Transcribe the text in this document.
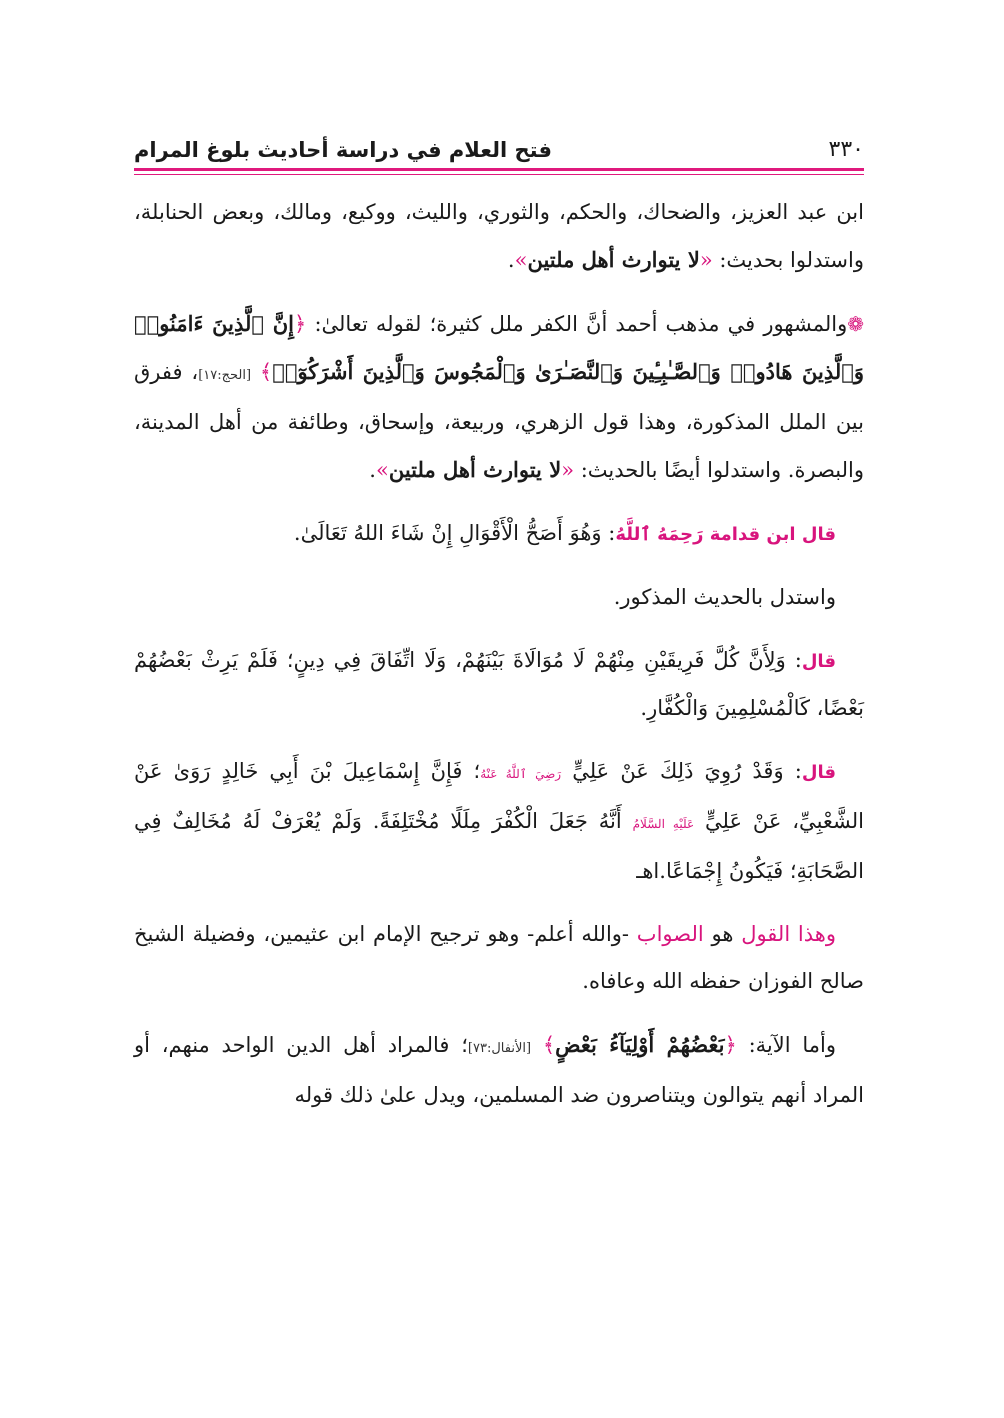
٣٣٠
فتح العلام في دراسة أحاديث بلوغ المرام

ابن عبد العزيز، والضحاك، والحكم، والثوري، والليث، ووكيع، ومالك، وبعض الحنابلة، واستدلوا بحديث: «لا يتوارث أهل ملتين».

❁والمشهور في مذهب أحمد أنَّ الكفر ملل كثيرة؛ لقوله تعالىٰ: ﴿إِنَّ ٱلَّذِينَ ءَامَنُوا۟ وَٱلَّذِينَ هَادُوا۟ وَٱلصَّـٰبِـِٔينَ وَٱلنَّصَـٰرَىٰ وَٱلْمَجُوسَ وَٱلَّذِينَ أَشْرَكُوٓا۟﴾ [الحج:١٧]، ففرق بين الملل المذكورة، وهذا قول الزهري، وربيعة، وإسحاق، وطائفة من أهل المدينة، والبصرة. واستدلوا أيضًا بالحديث: «لا يتوارث أهل ملتين».

قال ابن قدامة رَحِمَهُ ٱللَّهُ: وَهُوَ أَصَحُّ الْأَقْوَالِ إِنْ شَاءَ اللهُ تَعَالَىٰ.

واستدل بالحديث المذكور.

قال: وَلِأَنَّ كُلَّ فَرِيقَيْنِ مِنْهُمْ لَا مُوَالَاةَ بَيْنَهُمْ، وَلَا اتِّفَاقَ فِي دِينٍ؛ فَلَمْ يَرِثْ بَعْضُهُمْ بَعْضًا، كَالْمُسْلِمِينَ وَالْكُفَّارِ.

قال: وَقَدْ رُوِيَ ذَلِكَ عَنْ عَلِيٍّ رَضِيَ ٱللَّهُ عَنْهُ؛ فَإِنَّ إِسْمَاعِيلَ بْنَ أَبِي خَالِدٍ رَوَىٰ عَنْ الشَّعْبِيِّ، عَنْ عَلِيٍّ عَلَيْهِ السَّلَامُ أَنَّهُ جَعَلَ الْكُفْرَ مِلَلًا مُخْتَلِفَةً. وَلَمْ يُعْرَفْ لَهُ مُخَالِفٌ فِي الصَّحَابَةِ؛ فَيَكُونُ إِجْمَاعًا.اهـ

وهذا القول هو الصواب -والله أعلم- وهو ترجيح الإمام ابن عثيمين، وفضيلة الشيخ صالح الفوزان حفظه الله وعافاه.

وأما الآية: ﴿بَعْضُهُمْ أَوْلِيَآءُ بَعْضٍ﴾ [الأنفال:٧٣]؛ فالمراد أهل الدين الواحد منهم، أو المراد أنهم يتوالون ويتناصرون ضد المسلمين، ويدل علىٰ ذلك قوله
